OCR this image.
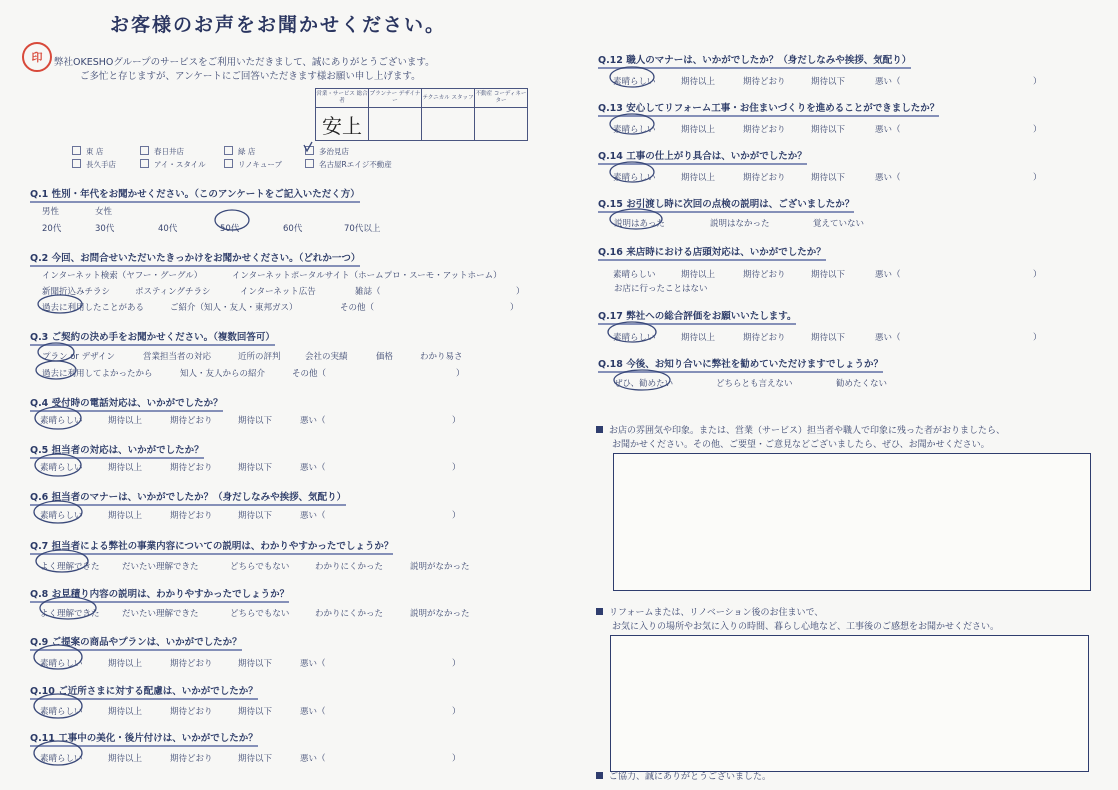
お客様のお声をお聞かせください。
印	弊社OKESHOグループのサービスをご利用いただきまして、誠にありがとうございます。
ご多忙と存じますが、アンケートにご回答いただきます様お願い申し上げます。
営業・サービス 総合者	プランナー デザイナー	テクニカル スタッフ	不動産 コーディネーター
安上			
東 店	春日井店	緑 店	多治見店
長久手店	アイ・スタイル	リノキューブ	名古屋Rエイジ不動産
Q.1 性別・年代をお聞かせください。（このアンケートをご記入いただく方）
男性	女性
20代	30代	40代	50代	60代	70代以上
Q.2 今回、お問合せいただいたきっかけをお聞かせください。（どれか一つ）
インターネット検索（ヤフー・グーグル）	インターネットポータルサイト（ホームプロ・スーモ・アットホーム）
新聞折込みチラシ	ポスティングチラシ	インターネット広告	雑誌（	）
過去に利用したことがある	ご紹介（知人・友人・東邦ガス）	その他（	）
Q.3 ご契約の決め手をお聞かせください。（複数回答可）
プラン or デザイン	営業担当者の対応	近所の評判	会社の実績	価格	わかり易さ
過去に利用してよかったから	知人・友人からの紹介	その他（	）
Q.4 受付時の電話対応は、いかがでしたか？
Q.5 担当者の対応は、いかがでしたか？
Q.6 担当者のマナーは、いかがでしたか？（身だしなみや挨拶、気配り）
Q.7 担当者による弊社の事業内容についての説明は、わかりやすかったでしょうか？
Q.8 お見積り内容の説明は、わかりやすかったでしょうか？
Q.9 ご提案の商品やプランは、いかがでしたか？
Q.10 ご近所さまに対する配慮は、いかがでしたか？
Q.11 工事中の美化・後片付けは、いかがでしたか？
Q.12 職人のマナーは、いかがでしたか？（身だしなみや挨拶、気配り）
Q.13 安心してリフォーム工事・お住まいづくりを進めることができましたか？
Q.14 工事の仕上がり具合は、いかがでしたか？
Q.15 お引渡し時に次回の点検の説明は、ございましたか？
説明はあった	説明はなかった	覚えていない
Q.16 来店時における店頭対応は、いかがでしたか？
お店に行ったことはない
Q.17 弊社への総合評価をお願いいたします。
Q.18 今後、お知り合いに弊社を勧めていただけますでしょうか？
ぜひ、勧めたい	どちらとも言えない	勧めたくない
お店の雰囲気や印象。または、営業（サービス）担当者や職人で印象に残った者がおりましたら、
お聞かせください。その他、ご要望・ご意見などございましたら、ぜひ、お聞かせください。
リフォームまたは、リノベーション後のお住まいで、
お気に入りの場所やお気に入りの時間、暮らし心地など、工事後のご感想をお聞かせください。
ご協力、誠にありがとうございました。
素晴らしい	期待以上	期待どおり	期待以下	悪い（	）
素晴らしい	期待以上	期待どおり	期待以下	悪い（	）
素晴らしい	期待以上	期待どおり	期待以下	悪い（	）
素晴らしい	期待以上	期待どおり	期待以下	悪い（	）
素晴らしい	期待以上	期待どおり	期待以下	悪い（	）
素晴らしい	期待以上	期待どおり	期待以下	悪い（	）
素晴らしい	期待以上	期待どおり	期待以下	悪い（	）
素晴らしい	期待以上	期待どおり	期待以下	悪い（	）
素晴らしい	期待以上	期待どおり	期待以下	悪い（	）
素晴らしい	期待以上	期待どおり	期待以下	悪い（	）
素晴らしい	期待以上	期待どおり	期待以下	悪い（	）
よく理解できた	だいたい理解できた	どちらでもない	わかりにくかった	説明がなかった
よく理解できた	だいたい理解できた	どちらでもない	わかりにくかった	説明がなかった
